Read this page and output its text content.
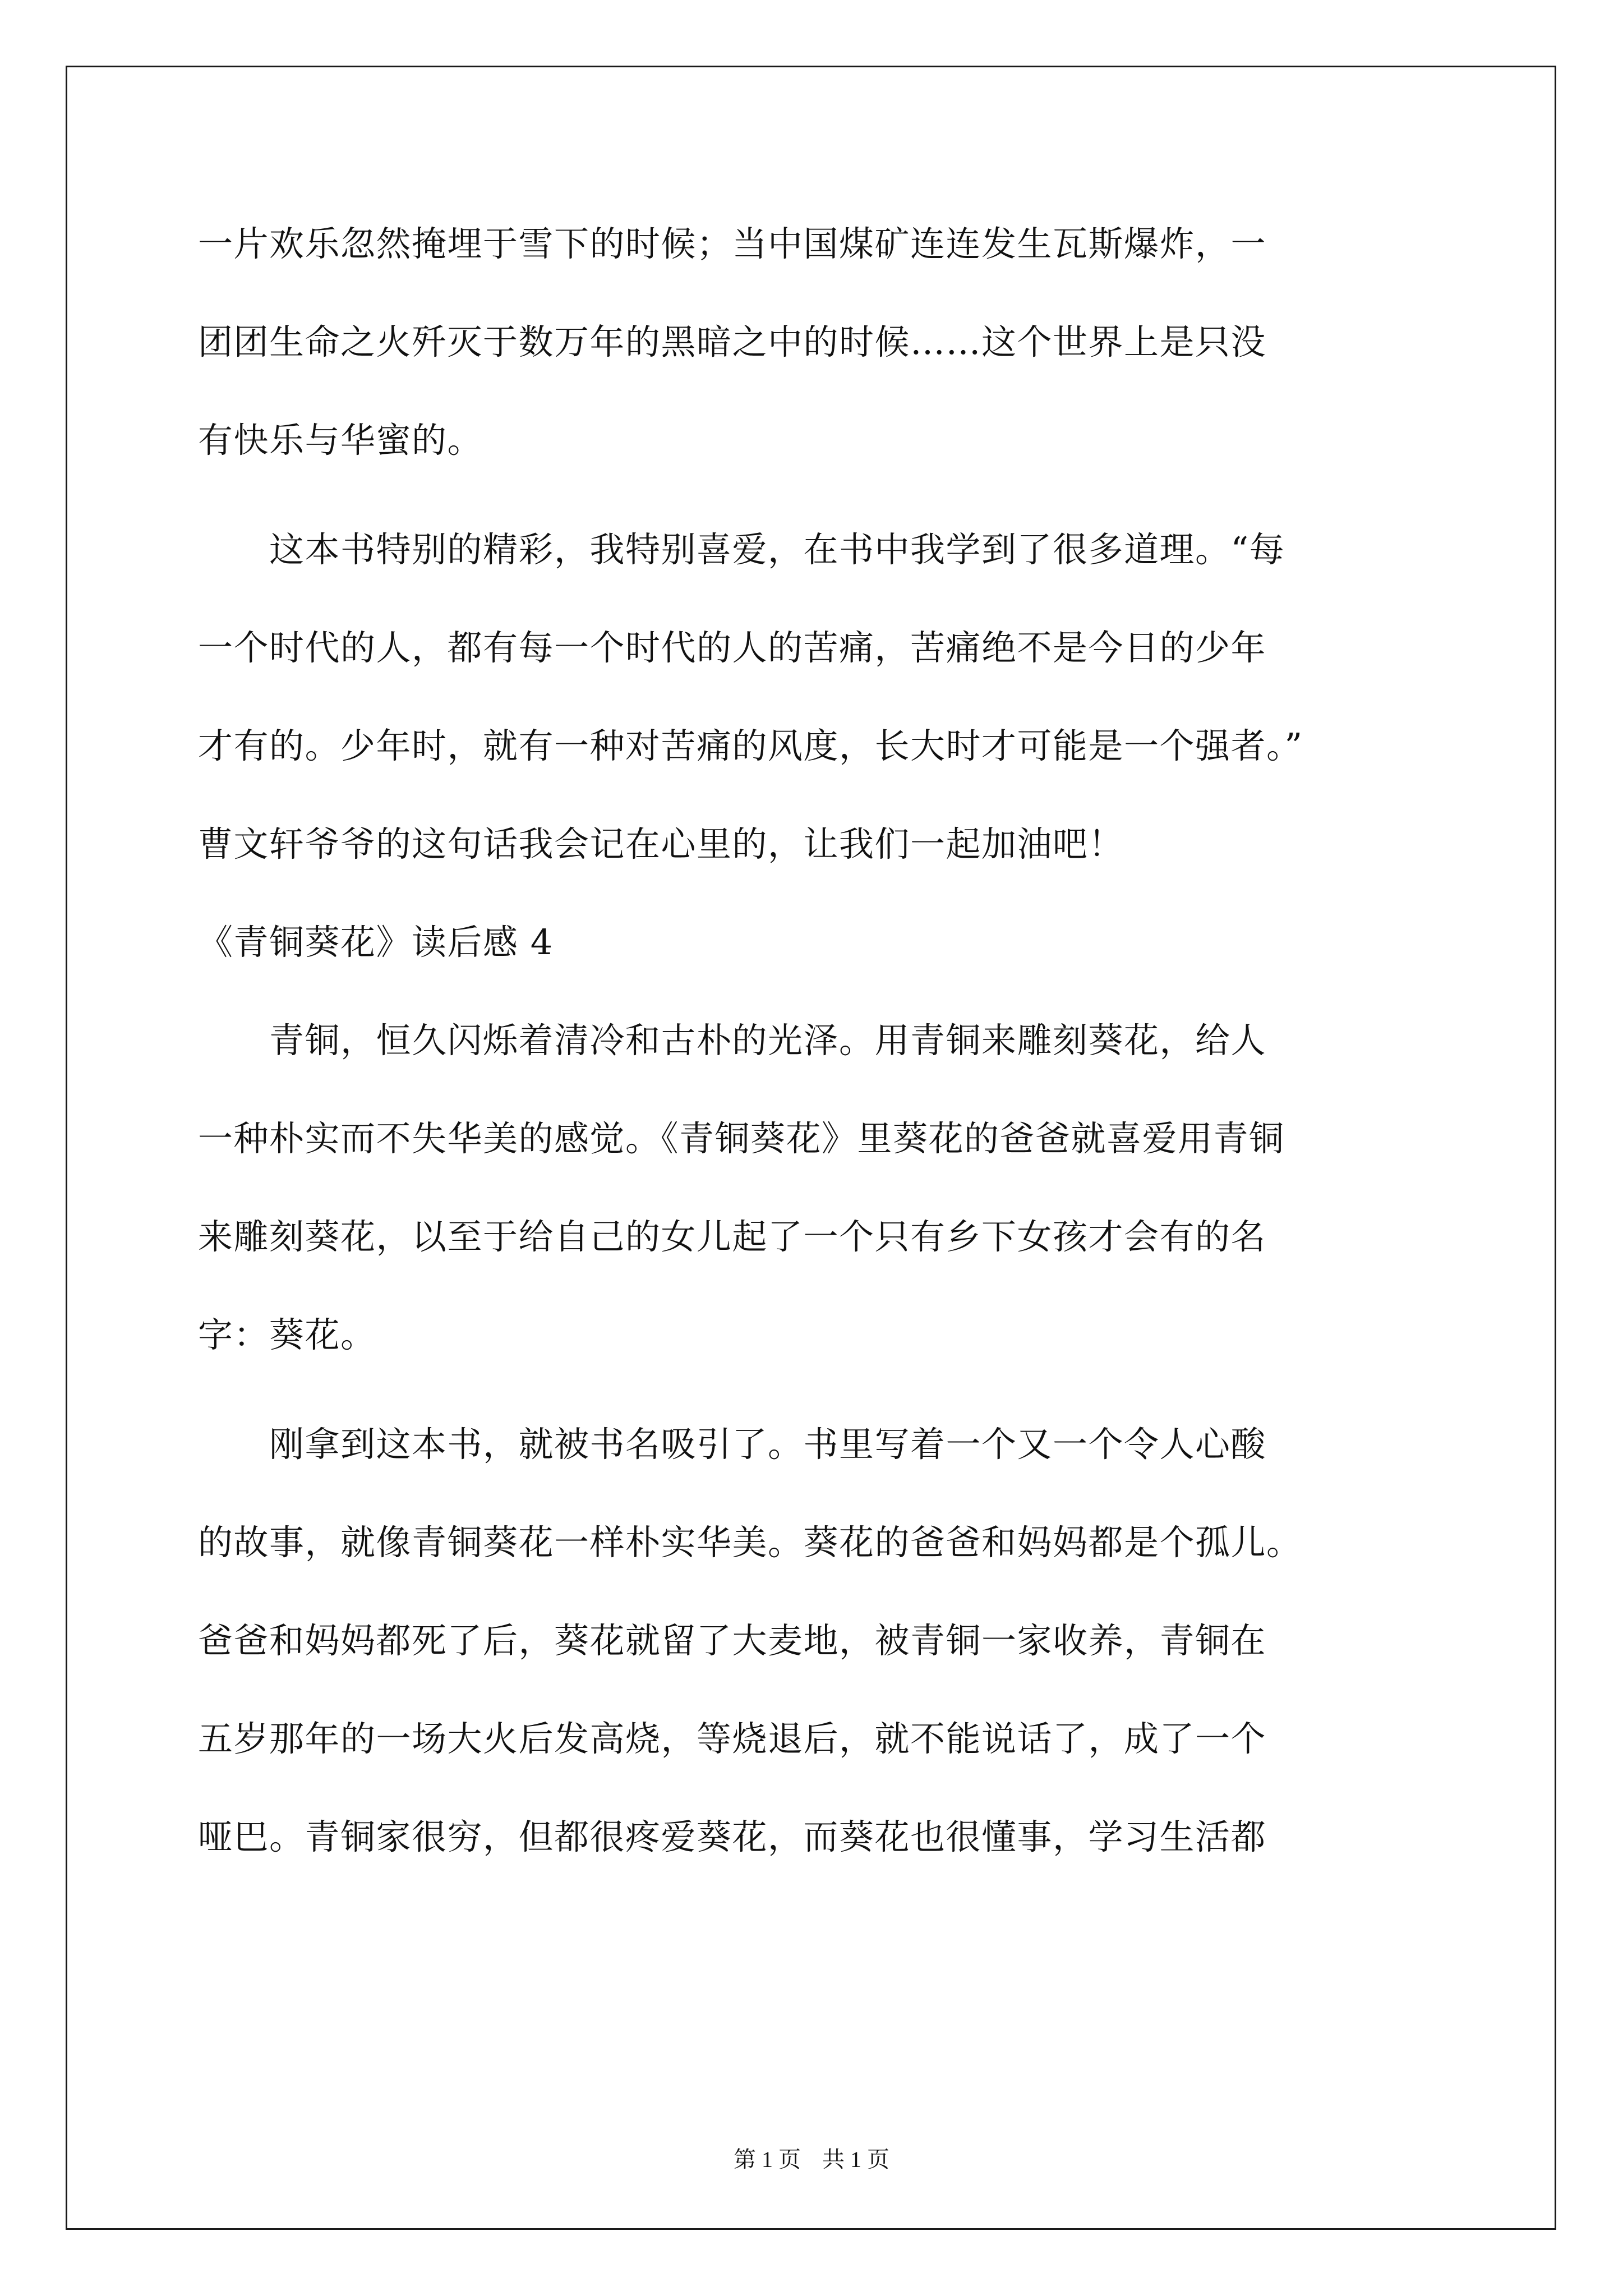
一片欢乐忽然掩埋于雪下的时候；当中国煤矿连连发生瓦斯爆炸，一
团团生命之火歼灭于数万年的黑暗之中的时候……这个世界上是只没
有快乐与华蜜的。
　　这本书特别的精彩，我特别喜爱，在书中我学到了很多道理。“每
一个时代的人，都有每一个时代的人的苦痛，苦痛绝不是今日的少年
才有的。少年时，就有一种对苦痛的风度，长大时才可能是一个强者。”
曹文轩爷爷的这句话我会记在心里的，让我们一起加油吧！
《青铜葵花》读后感 4
　　青铜，恒久闪烁着清冷和古朴的光泽。用青铜来雕刻葵花，给人
一种朴实而不失华美的感觉。《青铜葵花》里葵花的爸爸就喜爱用青铜
来雕刻葵花，以至于给自己的女儿起了一个只有乡下女孩才会有的名
字：葵花。
　　刚拿到这本书，就被书名吸引了。书里写着一个又一个令人心酸
的故事，就像青铜葵花一样朴实华美。葵花的爸爸和妈妈都是个孤儿。
爸爸和妈妈都死了后，葵花就留了大麦地，被青铜一家收养，青铜在
五岁那年的一场大火后发高烧，等烧退后，就不能说话了，成了一个
哑巴。青铜家很穷，但都很疼爱葵花，而葵花也很懂事，学习生活都
第 1 页 共 1 页
